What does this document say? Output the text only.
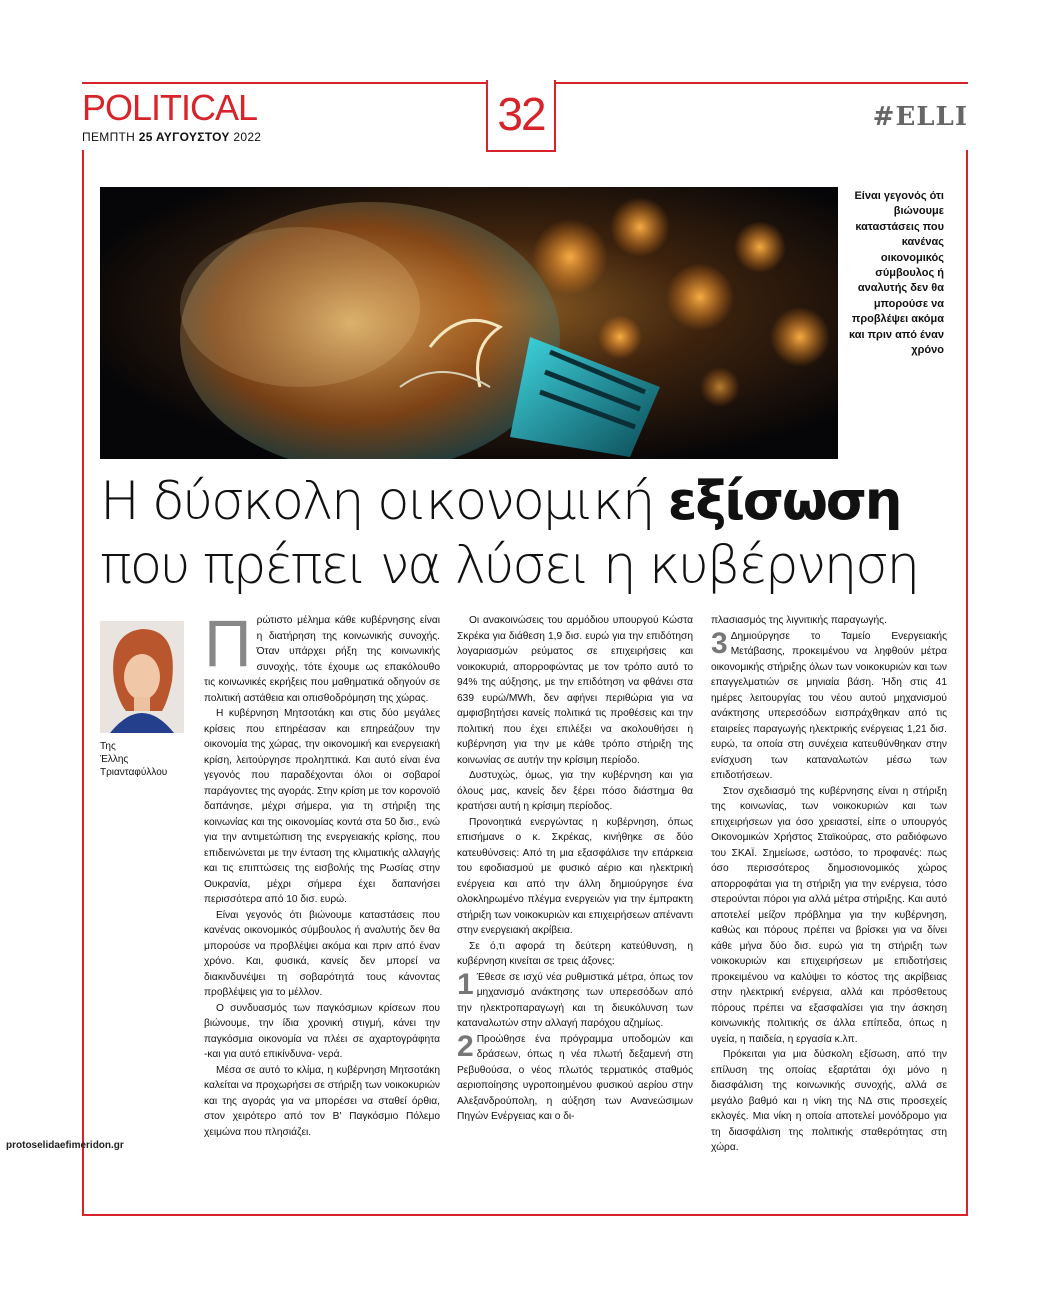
POLITICAL
ΠΕΜΠΤΗ 25 ΑΥΓΟΥΣΤΟΥ 2022	32	#ELLI
Είναι γεγονός ότι βιώνουμε καταστάσεις που κανένας οικονομικός σύμβουλος ή αναλυτής δεν θα μπορούσε να προβλέψει ακόμα και πριν από έναν χρόνο
Η δύσκολη οικονομική εξίσωση
που πρέπει να λύσει η κυβέρνηση
Της
Έλλης
Τριανταφύλλου

Πρώτιστο μέλημα κάθε κυβέρνησης είναι η διατήρηση της κοινωνικής συνοχής. Όταν υπάρχει ρήξη της κοινωνικής συνοχής, τότε έχουμε ως επακόλουθο τις κοινωνικές εκρήξεις που μαθηματικά οδηγούν σε πολιτική αστάθεια και οπισθοδρόμηση της χώρας.

Η κυβέρνηση Μητσοτάκη και στις δύο μεγάλες κρίσεις που επηρέασαν και επηρεάζουν την οικονομία της χώρας, την οικονομική και ενεργειακή κρίση, λειτούργησε προληπτικά. Και αυτό είναι ένα γεγονός που παραδέχονται όλοι οι σοβαροί παράγοντες της αγοράς. Στην κρίση με τον κορονοϊό δαπάνησε, μέχρι σήμερα, για τη στήριξη της κοινωνίας και της οικονομίας κοντά στα 50 δισ., ενώ για την αντιμετώπιση της ενεργειακής κρίσης, που επιδεινώνεται με την ένταση της κλιματικής αλλαγής και τις επιπτώσεις της εισβολής της Ρωσίας στην Ουκρανία, μέχρι σήμερα έχει δαπανήσει περισσότερα από 10 δισ. ευρώ.

Είναι γεγονός ότι βιώνουμε καταστάσεις που κανένας οικονομικός σύμβουλος ή αναλυτής δεν θα μπορούσε να προβλέψει ακόμα και πριν από έναν χρόνο. Και, φυσικά, κανείς δεν μπορεί να διακινδυνέψει τη σοβαρότητά τους κάνοντας προβλέψεις για το μέλλον.

Ο συνδυασμός των παγκόσμιων κρίσεων που βιώνουμε, την ίδια χρονική στιγμή, κάνει την παγκόσμια οικονομία να πλέει σε αχαρτογράφητα -και για αυτό επικίνδυνα- νερά.

Μέσα σε αυτό το κλίμα, η κυβέρνηση Μητσοτάκη καλείται να προχωρήσει σε στήριξη των νοικοκυριών και της αγοράς για να μπορέσει να σταθεί όρθια, στον χειρότερο από τον Β' Παγκόσμιο Πόλεμο χειμώνα που πλησιάζει.

Οι ανακοινώσεις του αρμόδιου υπουργού Κώστα Σκρέκα για διάθεση 1,9 δισ. ευρώ για την επιδότηση λογαριασμών ρεύματος σε επιχειρήσεις και νοικοκυριά, απορροφώντας με τον τρόπο αυτό το 94% της αύξησης, με την επιδότηση να φθάνει στα 639 ευρώ/MWh, δεν αφήνει περιθώρια για να αμφισβητήσει κανείς πολιτικά τις προθέσεις και την πολιτική που έχει επιλέξει να ακολουθήσει η κυβέρνηση για την με κάθε τρόπο στήριξη της κοινωνίας σε αυτήν την κρίσιμη περίοδο.

Δυστυχώς, όμως, για την κυβέρνηση και για όλους μας, κανείς δεν ξέρει πόσο διάστημα θα κρατήσει αυτή η κρίσιμη περίοδος.

Προνοητικά ενεργώντας η κυβέρνηση, όπως επισήμανε ο κ. Σκρέκας, κινήθηκε σε δύο κατευθύνσεις: Από τη μια εξασφάλισε την επάρκεια του εφοδιασμού με φυσικό αέριο και ηλεκτρική ενέργεια και από την άλλη δημιούργησε ένα ολοκληρωμένο πλέγμα ενεργειών για την έμπρακτη στήριξη των νοικοκυριών και επιχειρήσεων απέναντι στην ενεργειακή ακρίβεια.

Σε ό,τι αφορά τη δεύτερη κατεύθυνση, η κυβέρνηση κινείται σε τρεις άξονες:

1 Έθεσε σε ισχύ νέα ρυθμιστικά μέτρα, όπως τον μηχανισμό ανάκτησης των υπερεσόδων από την ηλεκτροπαραγωγή και τη διευκόλυνση των καταναλωτών στην αλλαγή παρόχου αζημίως.

2 Προώθησε ένα πρόγραμμα υποδομών και δράσεων, όπως η νέα πλωτή δεξαμενή στη Ρεβυθούσα, ο νέος πλωτός τερματικός σταθμός αεριοποίησης υγροποιημένου φυσικού αερίου στην Αλεξανδρούπολη, η αύξηση των Ανανεώσιμων Πηγών Ενέργειας και ο δι-

πλασιασμός της λιγνιτικής παραγωγής.

3 Δημιούργησε το Ταμείο Ενεργειακής Μετάβασης, προκειμένου να ληφθούν μέτρα οικονομικής στήριξης όλων των νοικοκυριών και των επαγγελματιών σε μηνιαία βάση. Ήδη στις 41 ημέρες λειτουργίας του νέου αυτού μηχανισμού ανάκτησης υπερεσόδων εισπράχθηκαν από τις εταιρείες παραγωγής ηλεκτρικής ενέργειας 1,21 δισ. ευρώ, τα οποία στη συνέχεια κατευθύνθηκαν στην ενίσχυση των καταναλωτών μέσω των επιδοτήσεων.

Στον σχεδιασμό της κυβέρνησης είναι η στήριξη της κοινωνίας, των νοικοκυριών και των επιχειρήσεων για όσο χρειαστεί, είπε ο υπουργός Οικονομικών Χρήστος Σταϊκούρας, στο ραδιόφωνο του ΣΚΑΪ. Σημείωσε, ωστόσο, το προφανές: πως όσο περισσότερος δημοσιονομικός χώρος απορροφάται για τη στήριξη για την ενέργεια, τόσο στερούνται πόροι για αλλά μέτρα στήριξης. Και αυτό αποτελεί μείζον πρόβλημα για την κυβέρνηση, καθώς και πόρους πρέπει να βρίσκει για να δίνει κάθε μήνα δύο δισ. ευρώ για τη στήριξη των νοικοκυριών και επιχειρήσεων με επιδοτήσεις προκειμένου να καλύψει το κόστος της ακρίβειας στην ηλεκτρική ενέργεια, αλλά και πρόσθετους πόρους πρέπει να εξασφαλίσει για την άσκηση κοινωνικής πολιτικής σε άλλα επίπεδα, όπως η υγεία, η παιδεία, η εργασία κ.λπ.

Πρόκειται για μια δύσκολη εξίσωση, από την επίλυση της οποίας εξαρτάται όχι μόνο η διασφάλιση της κοινωνικής συνοχής, αλλά σε μεγάλο βαθμό και η νίκη της ΝΔ στις προσεχείς εκλογές. Μια νίκη η οποία αποτελεί μονόδρομο για τη διασφάλιση της πολιτικής σταθερότητας στη χώρα.

protoselidaefimeridon.gr
